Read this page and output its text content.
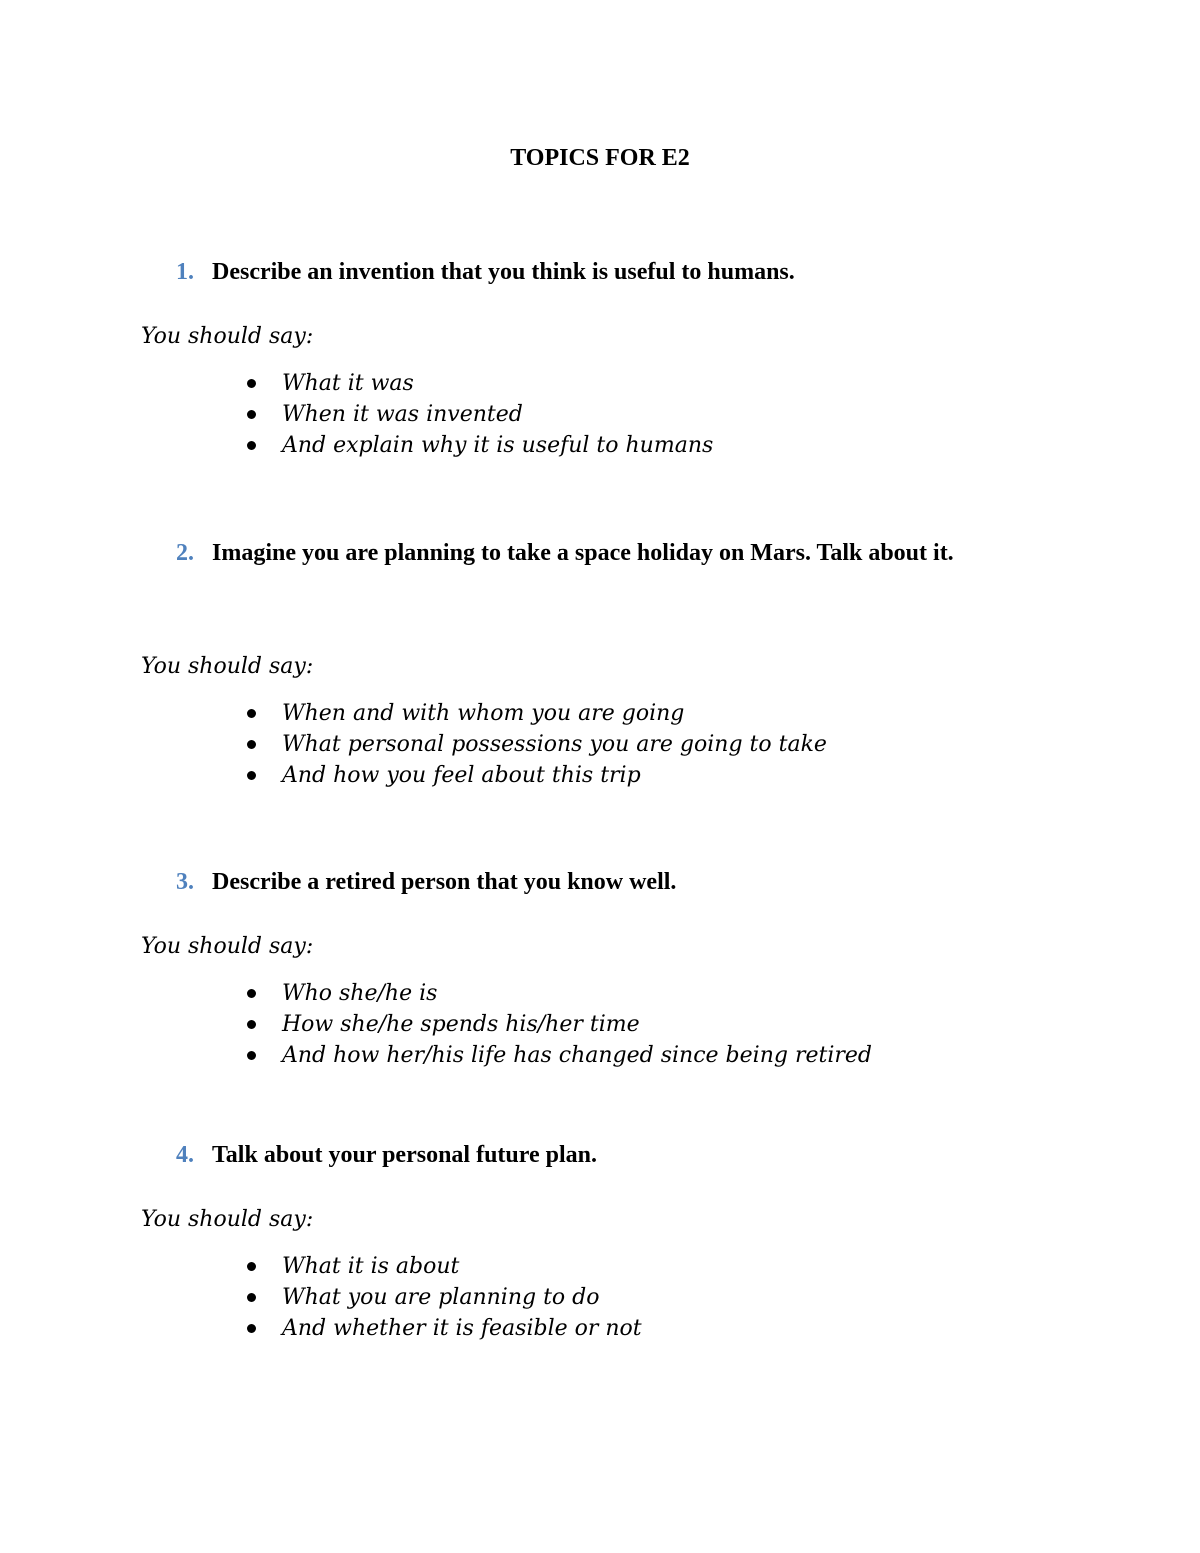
TOPICS FOR E2
1. Describe an invention that you think is useful to humans.

You should say:

What it was
When it was invented
And explain why it is useful to humans
2. Imagine you are planning to take a space holiday on Mars. Talk about it.

You should say:

When and with whom you are going
What personal possessions you are going to take
And how you feel about this trip
3. Describe a retired person that you know well.

You should say:

Who she/he is
How she/he spends his/her time
And how her/his life has changed since being retired
4. Talk about your personal future plan.

You should say:

What it is about
What you are planning to do
And whether it is feasible or not
